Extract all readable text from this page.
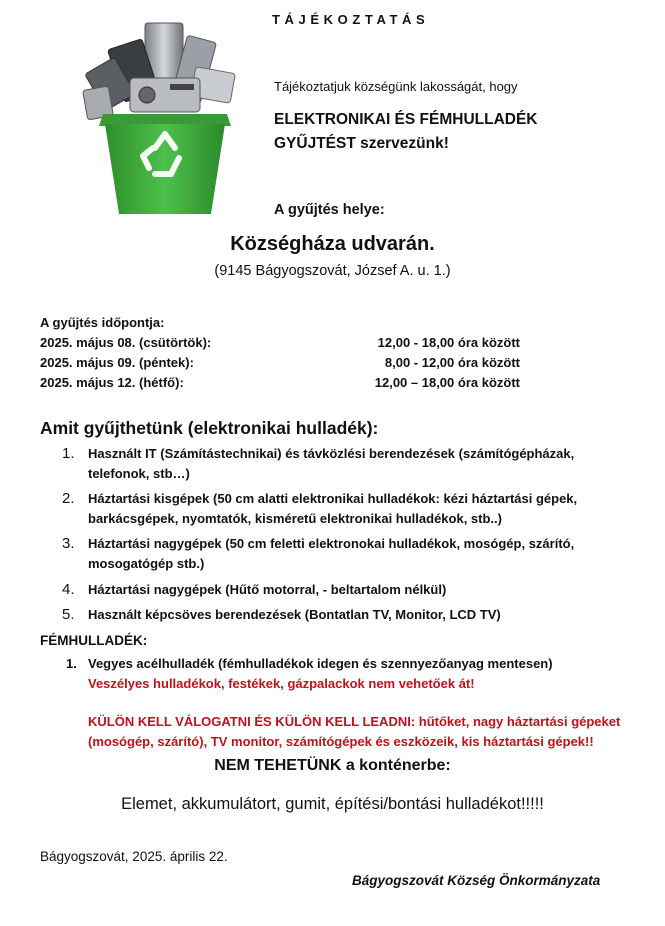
TÁJÉKOZTATÁS
Tájékoztatjuk községünk lakosságát, hogy
ELEKTRONIKAI ÉS FÉMHULLADÉK
GYŰJTÉST szervezünk!
A gyűjtés helye:
Községháza udvarán.
(9145 Bágyogszovát, József A. u. 1.)
A gyűjtés időpontja:
2025. május 08. (csütörtök):	12,00 - 18,00 óra között
2025. május 09. (péntek):	8,00 - 12,00 óra között
2025. május 12. (hétfő):	12,00 – 18,00 óra között
Amit gyűjthetünk (elektronikai hulladék):
1.	Használt IT (Számítástechnikai) és távközlési berendezések (számítógépházak, telefonok, stb…)
2.	Háztartási kisgépek (50 cm alatti elektronikai hulladékok: kézi háztartási gépek, barkácsgépek, nyomtatók, kisméretű elektronikai hulladékok, stb..)
3.	Háztartási nagygépek (50 cm feletti elektronokai hulladékok, mosógép, szárító, mosogatógép stb.)
4.	Háztartási nagygépek (Hűtő motorral, - beltartalom nélkül)
5.	Használt képcsöves berendezések (Bontatlan TV, Monitor, LCD TV)
FÉMHULLADÉK:
1. Vegyes acélhulladék (fémhulladékok idegen és szennyezőanyag mentesen)
Veszélyes hulladékok, festékek, gázpalackok nem vehetőek át!
KÜLÖN KELL VÁLOGATNI ÉS KÜLÖN KELL LEADNI: hűtőket, nagy háztartási gépeket (mosógép, szárító), TV monitor, számítógépek és eszközeik, kis háztartási gépek!!
NEM TEHETÜNK a konténerbe:
Elemet, akkumulátort, gumit, építési/bontási hulladékot!!!!!
Bágyogszovát, 2025. április 22.
Bágyogszovát Község Önkormányzata
